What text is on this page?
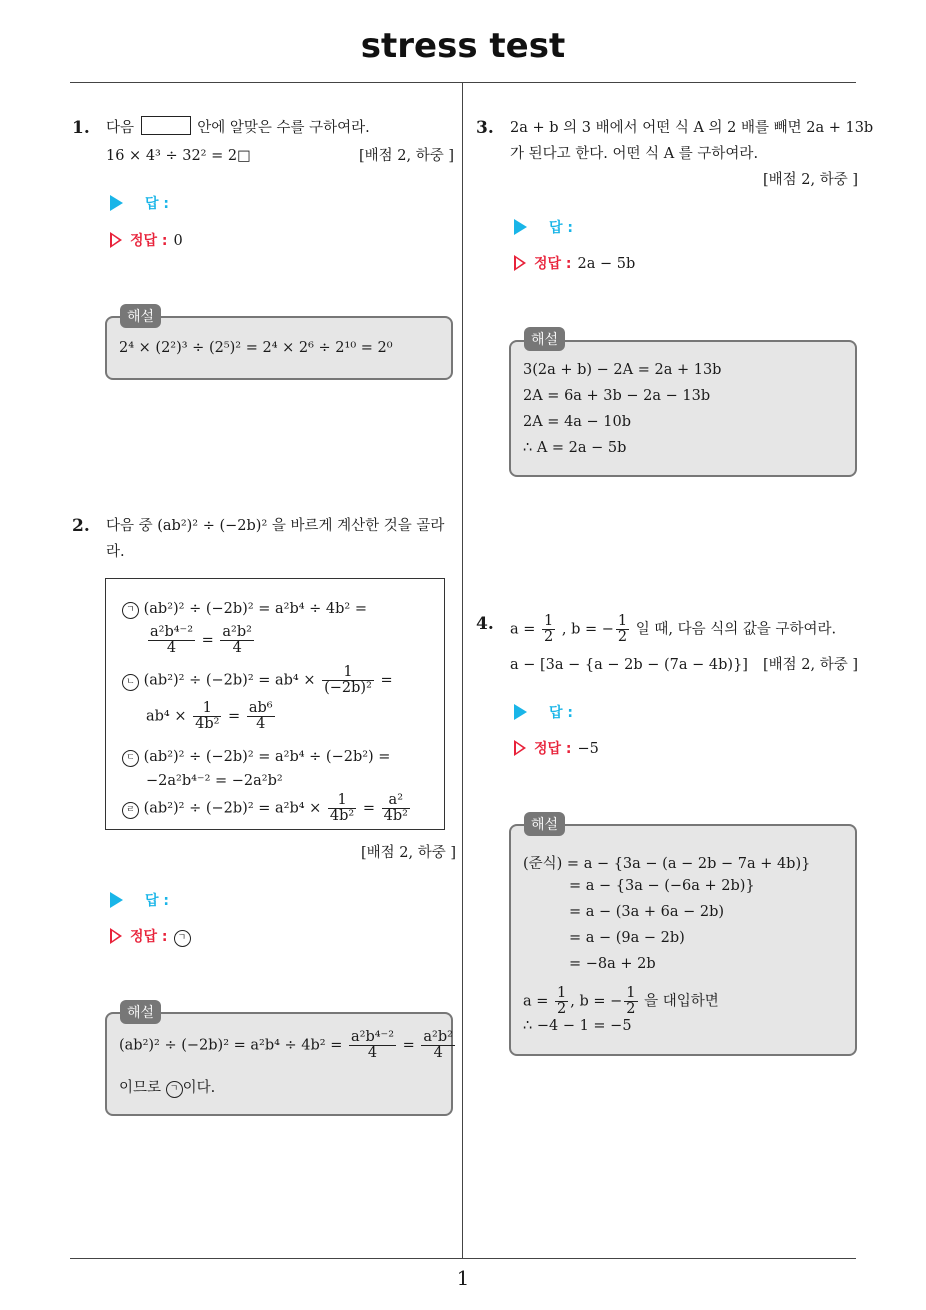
stress test
1
1. 다음	안에 알맞은 수를 구하여라.
16 × 4³ ÷ 32² = 2□	[배점 2, 하중 ]
답 :
정답 : 0
2⁴ × (2²)³ ÷ (2⁵)² = 2⁴ × 2⁶ ÷ 2¹⁰ = 2⁰
해설
2. 다음 중 (ab²)² ÷ (−2b)² 을 바르게 계산한 것을 골라
라.
ㄱ (ab²)² ÷ (−2b)² = a²b⁴ ÷ 4b² =
$\frac{\text{a²b⁴⁻²}}{4} = \frac{\text{a²b²}}{4}$
ㄴ $(ab^2)^2 \div (-2b)^2 = ab^4 \times \frac{1}{\text{(−2b)²}}$ =
$ab^4 \times \frac{1}{\text{4b²}} = \frac{\text{ab⁶}}{4}$
ㄷ (ab²)² ÷ (−2b)² = a²b⁴ ÷ (−2b²) =
−2a²b⁴⁻² = −2a²b²
ㄹ $(ab^2)^2 \div (-2b)^2 = a^2b^4 \times \frac{1}{\text{4b²}} = \frac{\text{a²}}{\text{4b²}}$
[배점 2, 하중 ]
답 :
정답 : ㄱ
$(ab^2)^2 \div (-2b)^2 = a^2b^4 \div 4b^2 = \frac{\text{a²b⁴⁻²}}{4} = \frac{\text{a²b²}}{4}$
이므로 ㄱ 이다.
해설
3. 2a + b 의 3 배에서 어떤 식 A 의 2 배를 빼면 2a + 13b
가 된다고 한다. 어떤 식 A 를 구하여라.
[배점 2, 하중 ]
답 :
정답 : 2a − 5b
3(2a + b) − 2A = 2a + 13b
2A = 6a + 3b − 2a − 13b
2A = 4a − 10b
∴ A = 2a − 5b
해설
4. $a = \frac{1}{2}$ , b = − $\frac{1}{2}$ 일 때, 다음 식의 값을 구하여라.
a − [3a − {a − 2b − (7a − 4b)}] [배점 2, 하중 ]
답 :
정답 : −5
(준식) = a − {3a − (a − 2b − 7a + 4b)}
= a − {3a − (−6a + 2b)}
= a − (3a + 6a − 2b)
= a − (9a − 2b)
= −8a + 2b
$a = \frac{1}{2}$ , b = − $\frac{1}{2}$ 을 대입하면
∴ −4 − 1 = −5
해설
